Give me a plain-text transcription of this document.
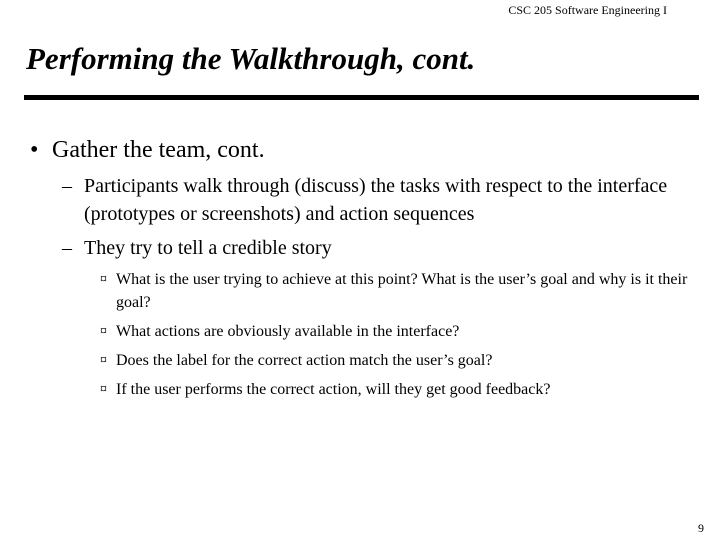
CSC 205 Software Engineering I
Performing the Walkthrough, cont.
• Gather the team, cont.
– Participants walk through (discuss) the tasks with respect to the interface (prototypes or screenshots) and action sequences
– They try to tell a credible story
¤ What is the user trying to achieve at this point? What is the user’s goal and why is it their goal?
¤ What actions are obviously available in the interface?
¤ Does the label for the correct action match the user’s goal?
¤ If the user performs the correct action, will they get good feedback?
9
